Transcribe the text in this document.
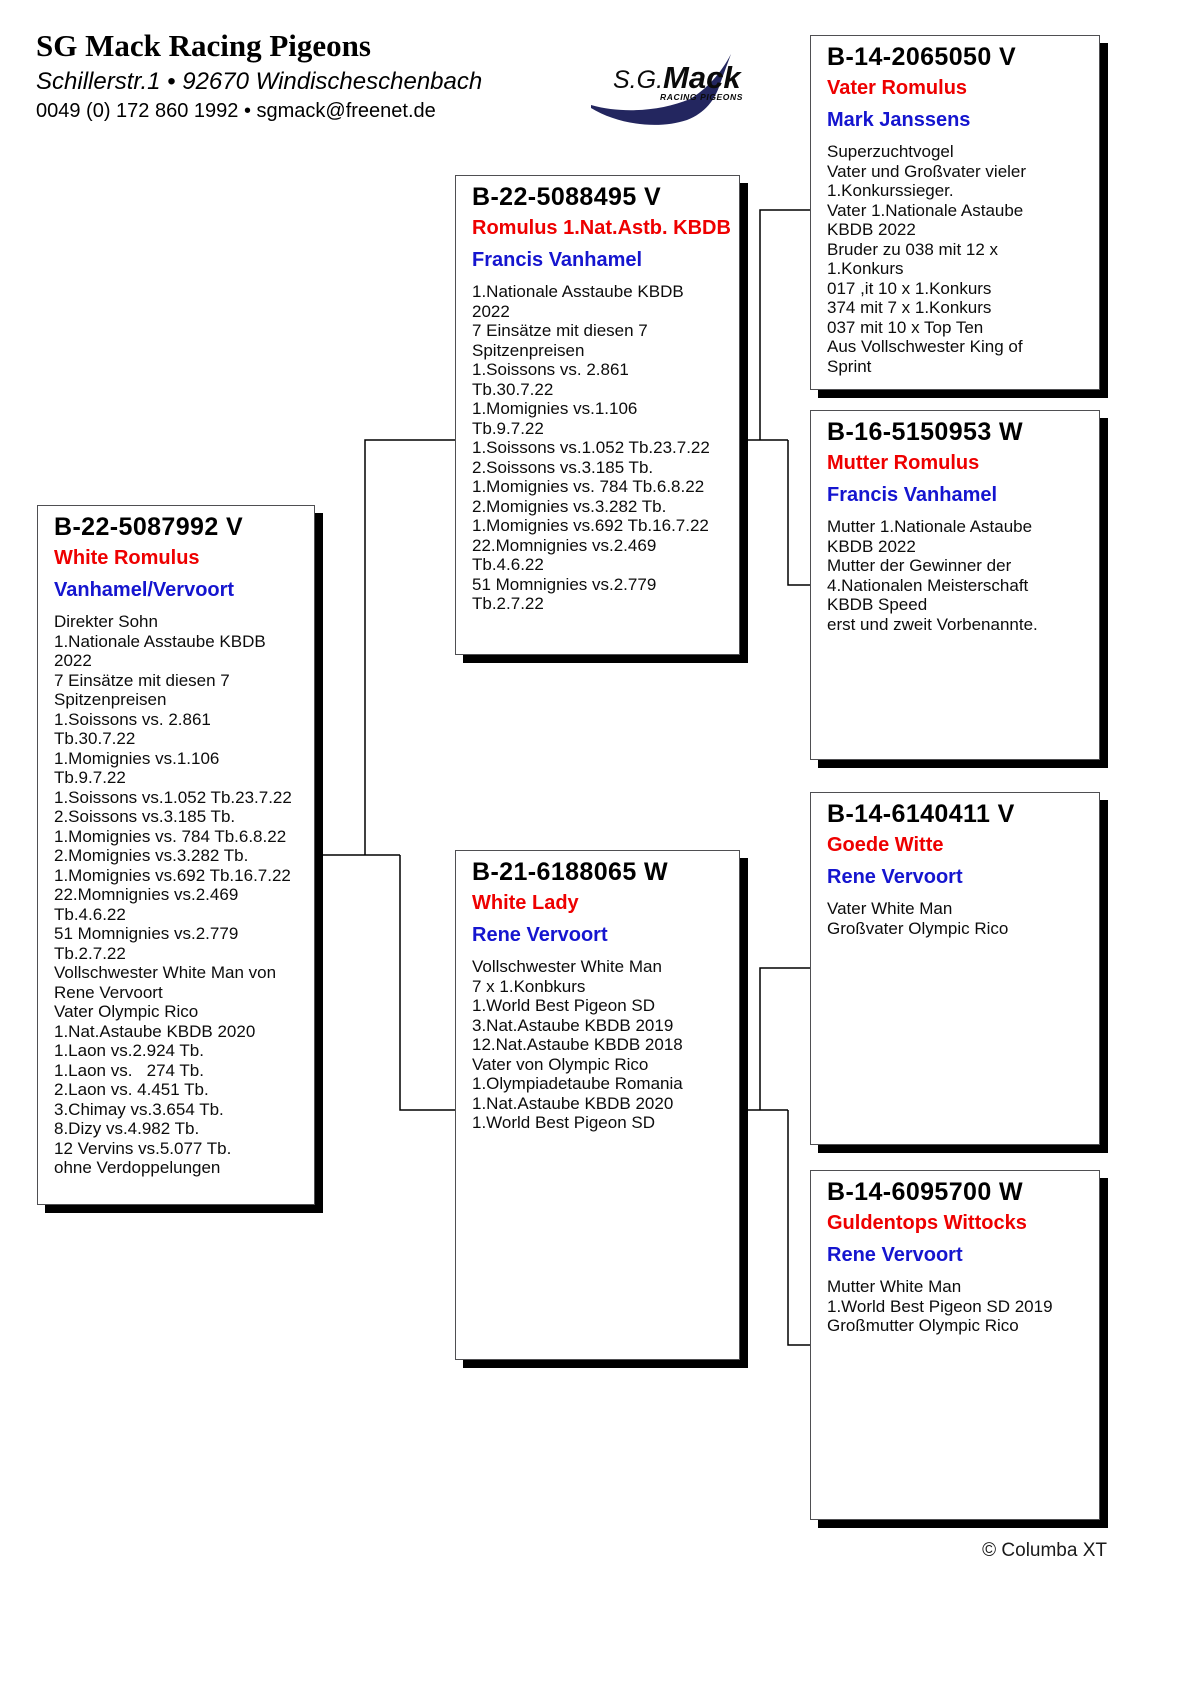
SG Mack Racing Pigeons
Schillerstr.1 • 92670 Windischeschenbach
0049 (0) 172 860 1992 • sgmack@freenet.de
S.G.Mack
RACING PIGEONS
B-22-5087992 V
White Romulus
Vanhamel/Vervoort
Direkter Sohn
1.Nationale Asstaube KBDB
2022
7 Einsätze mit diesen 7
Spitzenpreisen
1.Soissons vs. 2.861
Tb.30.7.22
1.Momignies vs.1.106
Tb.9.7.22
1.Soissons vs.1.052 Tb.23.7.22
2.Soissons vs.3.185 Tb.
1.Momignies vs. 784 Tb.6.8.22
2.Momignies vs.3.282 Tb.
1.Momignies vs.692 Tb.16.7.22
22.Momnignies vs.2.469
Tb.4.6.22
51 Momnignies vs.2.779
Tb.2.7.22
Vollschwester White Man von
Rene Vervoort
Vater Olympic Rico
1.Nat.Astaube KBDB 2020
1.Laon vs.2.924 Tb.
1.Laon vs.   274 Tb.
2.Laon vs. 4.451 Tb.
3.Chimay vs.3.654 Tb.
8.Dizy vs.4.982 Tb.
12 Vervins vs.5.077 Tb.
ohne Verdoppelungen
B-22-5088495 V
Romulus 1.Nat.Astb. KBDB
Francis Vanhamel
1.Nationale Asstaube KBDB
2022
7 Einsätze mit diesen 7
Spitzenpreisen
1.Soissons vs. 2.861
Tb.30.7.22
1.Momignies vs.1.106
Tb.9.7.22
1.Soissons vs.1.052 Tb.23.7.22
2.Soissons vs.3.185 Tb.
1.Momignies vs. 784 Tb.6.8.22
2.Momignies vs.3.282 Tb.
1.Momignies vs.692 Tb.16.7.22
22.Momnignies vs.2.469
Tb.4.6.22
51 Momnignies vs.2.779
Tb.2.7.22
B-21-6188065 W
White Lady
Rene Vervoort
Vollschwester White Man
7 x 1.Konbkurs
1.World Best Pigeon SD
3.Nat.Astaube KBDB 2019
12.Nat.Astaube KBDB 2018
Vater von Olympic Rico
1.Olympiadetaube Romania
1.Nat.Astaube KBDB 2020
1.World Best Pigeon SD
B-14-2065050 V
Vater Romulus
Mark Janssens
Superzuchtvogel
Vater und Großvater vieler
1.Konkurssieger.
Vater 1.Nationale Astaube
KBDB 2022
Bruder zu 038 mit 12 x
1.Konkurs
017 ,it 10 x 1.Konkurs
374 mit 7 x 1.Konkurs
037 mit 10 x Top Ten
Aus Vollschwester King of
Sprint
B-16-5150953 W
Mutter Romulus
Francis Vanhamel
Mutter 1.Nationale Astaube
KBDB 2022
Mutter der Gewinner der
4.Nationalen Meisterschaft
KBDB Speed
erst und zweit Vorbenannte.
B-14-6140411 V
Goede Witte
Rene Vervoort
Vater White Man
Großvater Olympic Rico
B-14-6095700 W
Guldentops Wittocks
Rene Vervoort
Mutter White Man
1.World Best Pigeon SD 2019
Großmutter Olympic Rico
© Columba XT
